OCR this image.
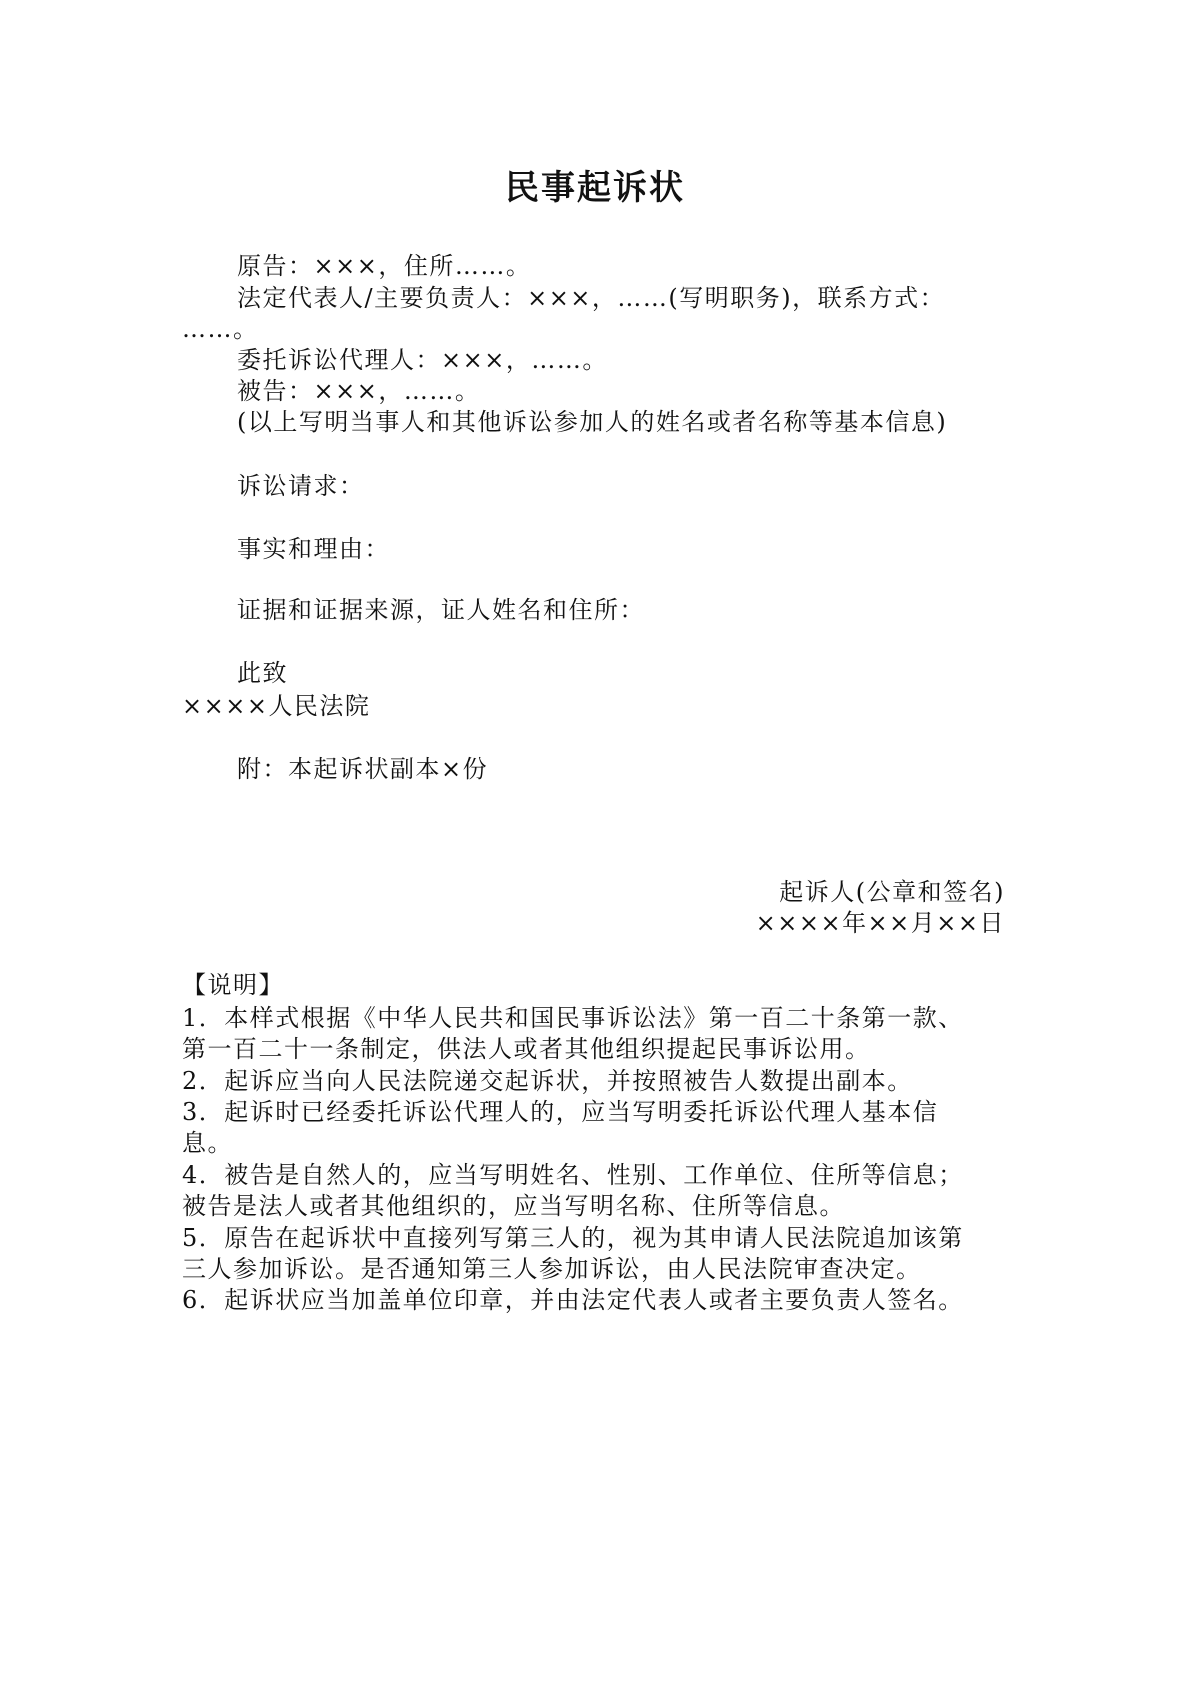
民事起诉状
原告：×××，住所……。
法定代表人/主要负责人：×××，……(写明职务)，联系方式：
……。
委托诉讼代理人：×××，……。
被告：×××，……。
(以上写明当事人和其他诉讼参加人的姓名或者名称等基本信息)
诉讼请求：
事实和理由：
证据和证据来源，证人姓名和住所：
此致
××××人民法院
附：本起诉状副本×份
起诉人(公章和签名)
××××年××月××日
【说明】
1．本样式根据《中华人民共和国民事诉讼法》第一百二十条第一款、
第一百二十一条制定，供法人或者其他组织提起民事诉讼用。
2．起诉应当向人民法院递交起诉状，并按照被告人数提出副本。
3．起诉时已经委托诉讼代理人的，应当写明委托诉讼代理人基本信
息。
4．被告是自然人的，应当写明姓名、性别、工作单位、住所等信息；
被告是法人或者其他组织的，应当写明名称、住所等信息。
5．原告在起诉状中直接列写第三人的，视为其申请人民法院追加该第
三人参加诉讼。是否通知第三人参加诉讼，由人民法院审查决定。
6．起诉状应当加盖单位印章，并由法定代表人或者主要负责人签名。
